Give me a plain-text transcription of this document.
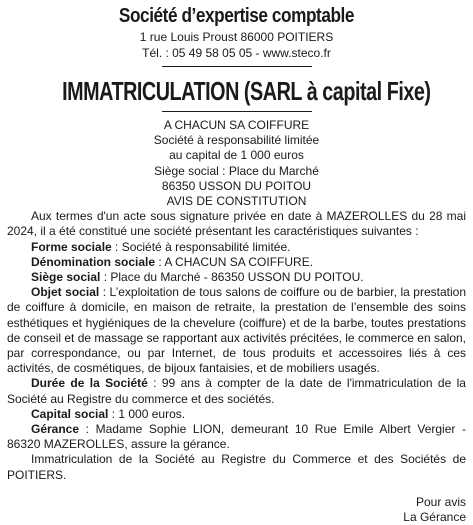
Société d’expertise comptable

1 rue Louis Proust 86000 POITIERS

Tél. : 05 49 58 05 05 - www.steco.fr

IMMATRICULATION (SARL à capital Fixe)

A CHACUN SA COIFFURE

Société à responsabilité limitée

au capital de 1 000 euros

Siège social : Place du Marché

86350 USSON DU POITOU

AVIS DE CONSTITUTION

Aux termes d'un acte sous signature privée en date à MAZEROLLES du 28 mai 2024, il a été constitué une société présentant les caractéristiques suivantes :

Forme sociale : Société à responsabilité limitée.

Dénomination sociale : A CHACUN SA COIFFURE.

Siège social : Place du Marché - 86350 USSON DU POITOU.

Objet social : L’exploitation de tous salons de coiffure ou de barbier, la prestation de coiffure à domicile, en maison de retraite, la prestation de l’ensemble des soins esthétiques et hygiéniques de la chevelure (coiffure) et de la barbe, toutes prestations de conseil et de massage se rapportant aux activités précitées, le commerce en salon, par correspondance, ou par Internet, de tous produits et accessoires liés à ces activités, de cosmétiques, de bijoux fantaisies, et de mobiliers usagés.

Durée de la Société : 99 ans à compter de la date de l'immatriculation de la Société au Registre du commerce et des sociétés.

Capital social : 1 000 euros.

Gérance : Madame Sophie LION, demeurant 10 Rue Emile Albert Vergier - 86320 MAZEROLLES, assure la gérance.

Immatriculation de la Société au Registre du Commerce et des Sociétés de POITIERS.

Pour avis

La Gérance
